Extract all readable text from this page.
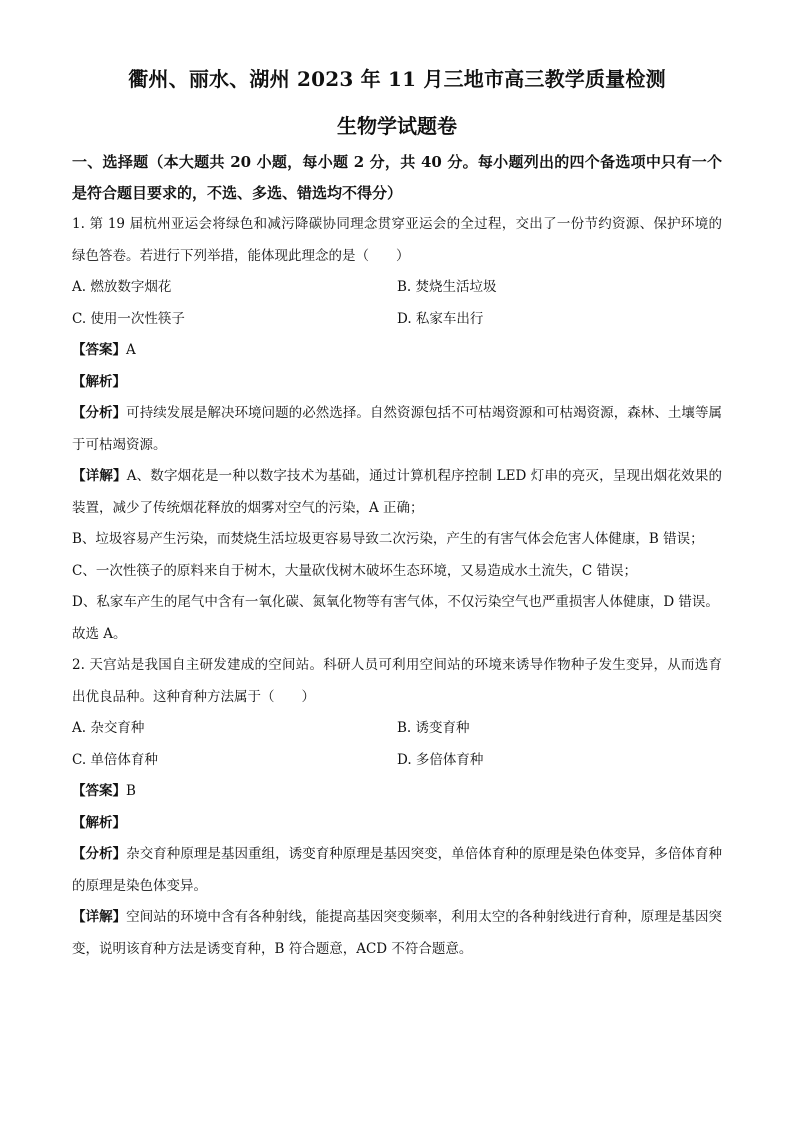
衢州、丽水、湖州 2023 年 11 月三地市高三教学质量检测
生物学试题卷

一、选择题（本大题共 20 小题，每小题 2 分，共 40 分。每小题列出的四个备选项中只有一个是符合题目要求的，不选、多选、错选均不得分）

1. 第 19 届杭州亚运会将绿色和减污降碳协同理念贯穿亚运会的全过程，交出了一份节约资源、保护环境的绿色答卷。若进行下列举措，能体现此理念的是（　　）

A. 燃放数字烟花	B. 焚烧生活垃圾
C. 使用一次性筷子	D. 私家车出行

【答案】A

【解析】

【分析】可持续发展是解决环境问题的必然选择。自然资源包括不可枯竭资源和可枯竭资源，森林、土壤等属于可枯竭资源。

【详解】A、数字烟花是一种以数字技术为基础，通过计算机程序控制 LED 灯串的亮灭，呈现出烟花效果的装置，减少了传统烟花释放的烟雾对空气的污染，A 正确；

B、垃圾容易产生污染，而焚烧生活垃圾更容易导致二次污染，产生的有害气体会危害人体健康，B 错误；

C、一次性筷子的原料来自于树木，大量砍伐树木破坏生态环境，又易造成水土流失，C 错误；

D、私家车产生的尾气中含有一氧化碳、氮氧化物等有害气体，不仅污染空气也严重损害人体健康，D 错误。

故选 A。

2. 天宫站是我国自主研发建成的空间站。科研人员可利用空间站的环境来诱导作物种子发生变异，从而选育出优良品种。这种育种方法属于（　　）

A. 杂交育种	B. 诱变育种
C. 单倍体育种	D. 多倍体育种

【答案】B

【解析】

【分析】杂交育种原理是基因重组，诱变育种原理是基因突变，单倍体育种的原理是染色体变异，多倍体育种的原理是染色体变异。

【详解】空间站的环境中含有各种射线，能提高基因突变频率，利用太空的各种射线进行育种，原理是基因突变，说明该育种方法是诱变育种，B 符合题意，ACD 不符合题意。
